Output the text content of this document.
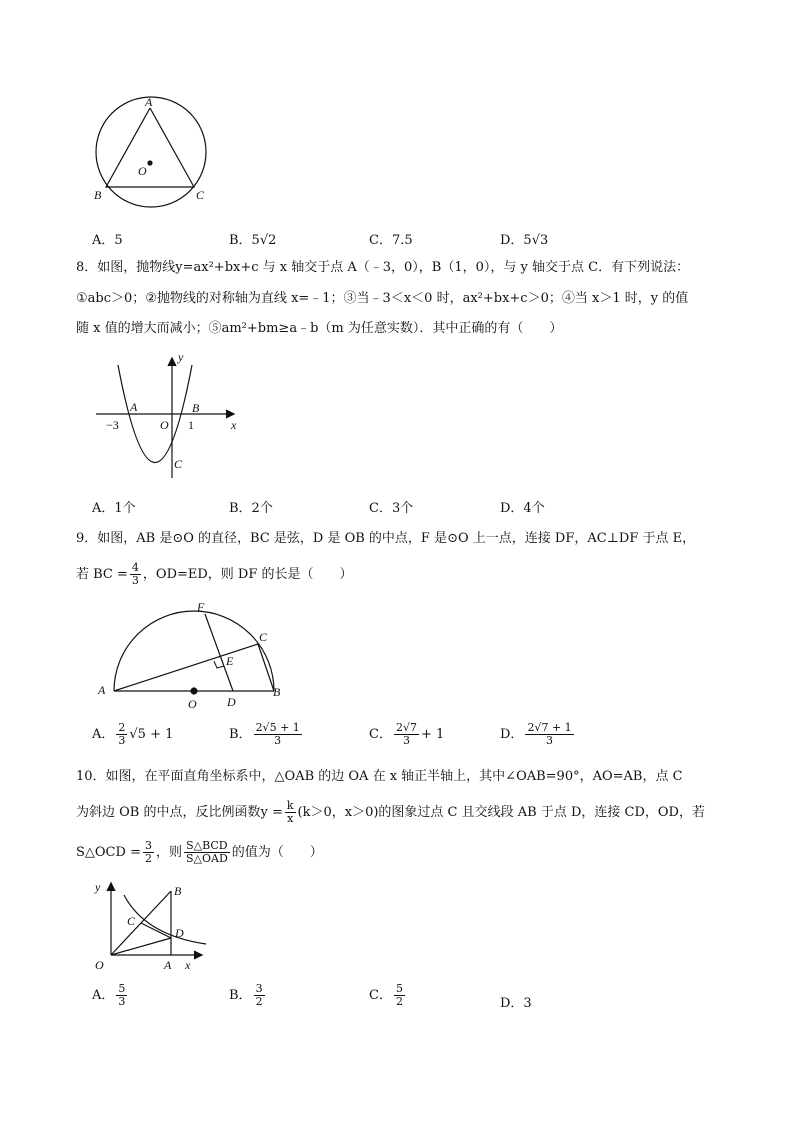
A
B	C
O
A．5	B．5√2	C．7.5	D．5√3
8．如图，抛物线y=ax²+bx+c 与 x 轴交于点 A（﹣3，0），B（1，0），与 y 轴交于点 C．有下列说法：
①abc＞0；②抛物线的对称轴为直线 x=﹣1；③当﹣3＜x＜0 时，ax²+bx+c＞0；④当 x＞1 时，y 的值
随 x 值的增大而减小；⑤am²+bm≥a﹣b（m 为任意实数）．其中正确的有（　　）
y
x
A	B
C
O
−3	1
A．1个	B．2个	C．3个	D．4个
9．如图，AB 是⊙O 的直径，BC 是弦，D 是 OB 的中点，F 是⊙O 上一点，连接 DF，AC⊥DF 于点 E，
若 BC = $\frac{4}{3}$ ，OD=ED，则 DF 的长是（　　）
F
C
E
A
O	D
B
A． $\frac{2}{3} √5 + 1$	B． $\frac{2√5 + 1}{3}$	C． $\frac{2√7}{3} + 1$	D． $\frac{2√7 + 1}{3}$
10．如图，在平面直角坐标系中，△OAB 的边 OA 在 x 轴正半轴上，其中∠OAB=90°，AO=AB，点 C
为斜边 OB 的中点，反比例函数$y = \frac{k}{x} (k>0$，x＞0)的图象过点 C 且交线段 AB 于点 D，连接 CD，OD，若
S△OCD = $\frac{3}{2}$ ，则 $\frac{\text{S△BCD}}{\text{S△OAD}}$ 的值为（　　）
y
x
B
C
D
O	A
A． $\frac{5}{3}$	B． $\frac{3}{2}$	C． $\frac{5}{2}$	D．3
